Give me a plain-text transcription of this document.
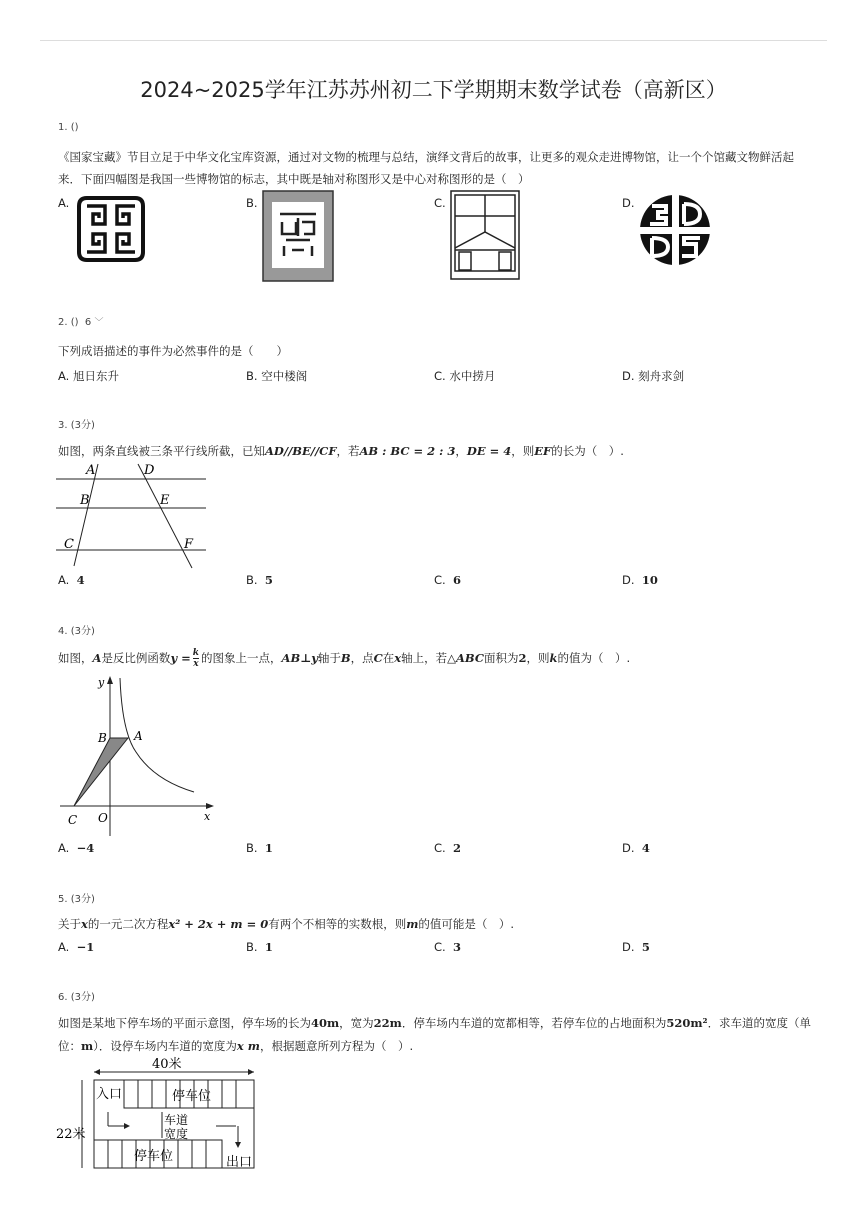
2024~2025学年江苏苏州初二下学期期末数学试卷（高新区）
1. ()
《国家宝藏》节目立足于中华文化宝库资源，通过对文物的梳理与总结，演绎文背后的故事，让更多的观众走进博物馆，让一个个馆藏文物鲜活起
来．下面四幅图是我国一些博物馆的标志，其中既是轴对称图形又是中心对称图形的是（　）
A.	B.	C.	D.
2. () 6 ﹀
下列成语描述的事件为必然事件的是（　　）
A. 旭日东升	B. 空中楼阁	C. 水中捞月	D. 刻舟求剑
3. (3分)
如图，两条直线被三条平行线所截，已知AD//BE//CF，若AB : BC = 2 : 3，DE = 4，则EF的长为（　）.
A	D
B	E
C	F
A. 4	B. 5	C. 6	D. 10
4. (3分)
如图，A是反比例函数$y = \frac{k}{x}$ 的图象上一点，AB⊥y轴于B，点C在x轴上，若△ABC面积为2，则k的值为（　）.
y
B A
C O	x
A. −4	B. 1	C. 2	D. 4
5. (3分)
关于x的一元二次方程x² + 2x + m = 0有两个不相等的实数根，则m的值可能是（　）.
A. −1	B. 1	C. 3	D. 5
6. (3分)
如图是某地下停车场的平面示意图，停车场的长为40m，宽为22m．停车场内车道的宽都相等，若停车位的占地面积为520m²．求车道的宽度（单
位：m）．设停车场内车道的宽度为x m，根据题意所列方程为（　）.
40米
入口	停车位
车道
宽度
22米
停车位	出口
